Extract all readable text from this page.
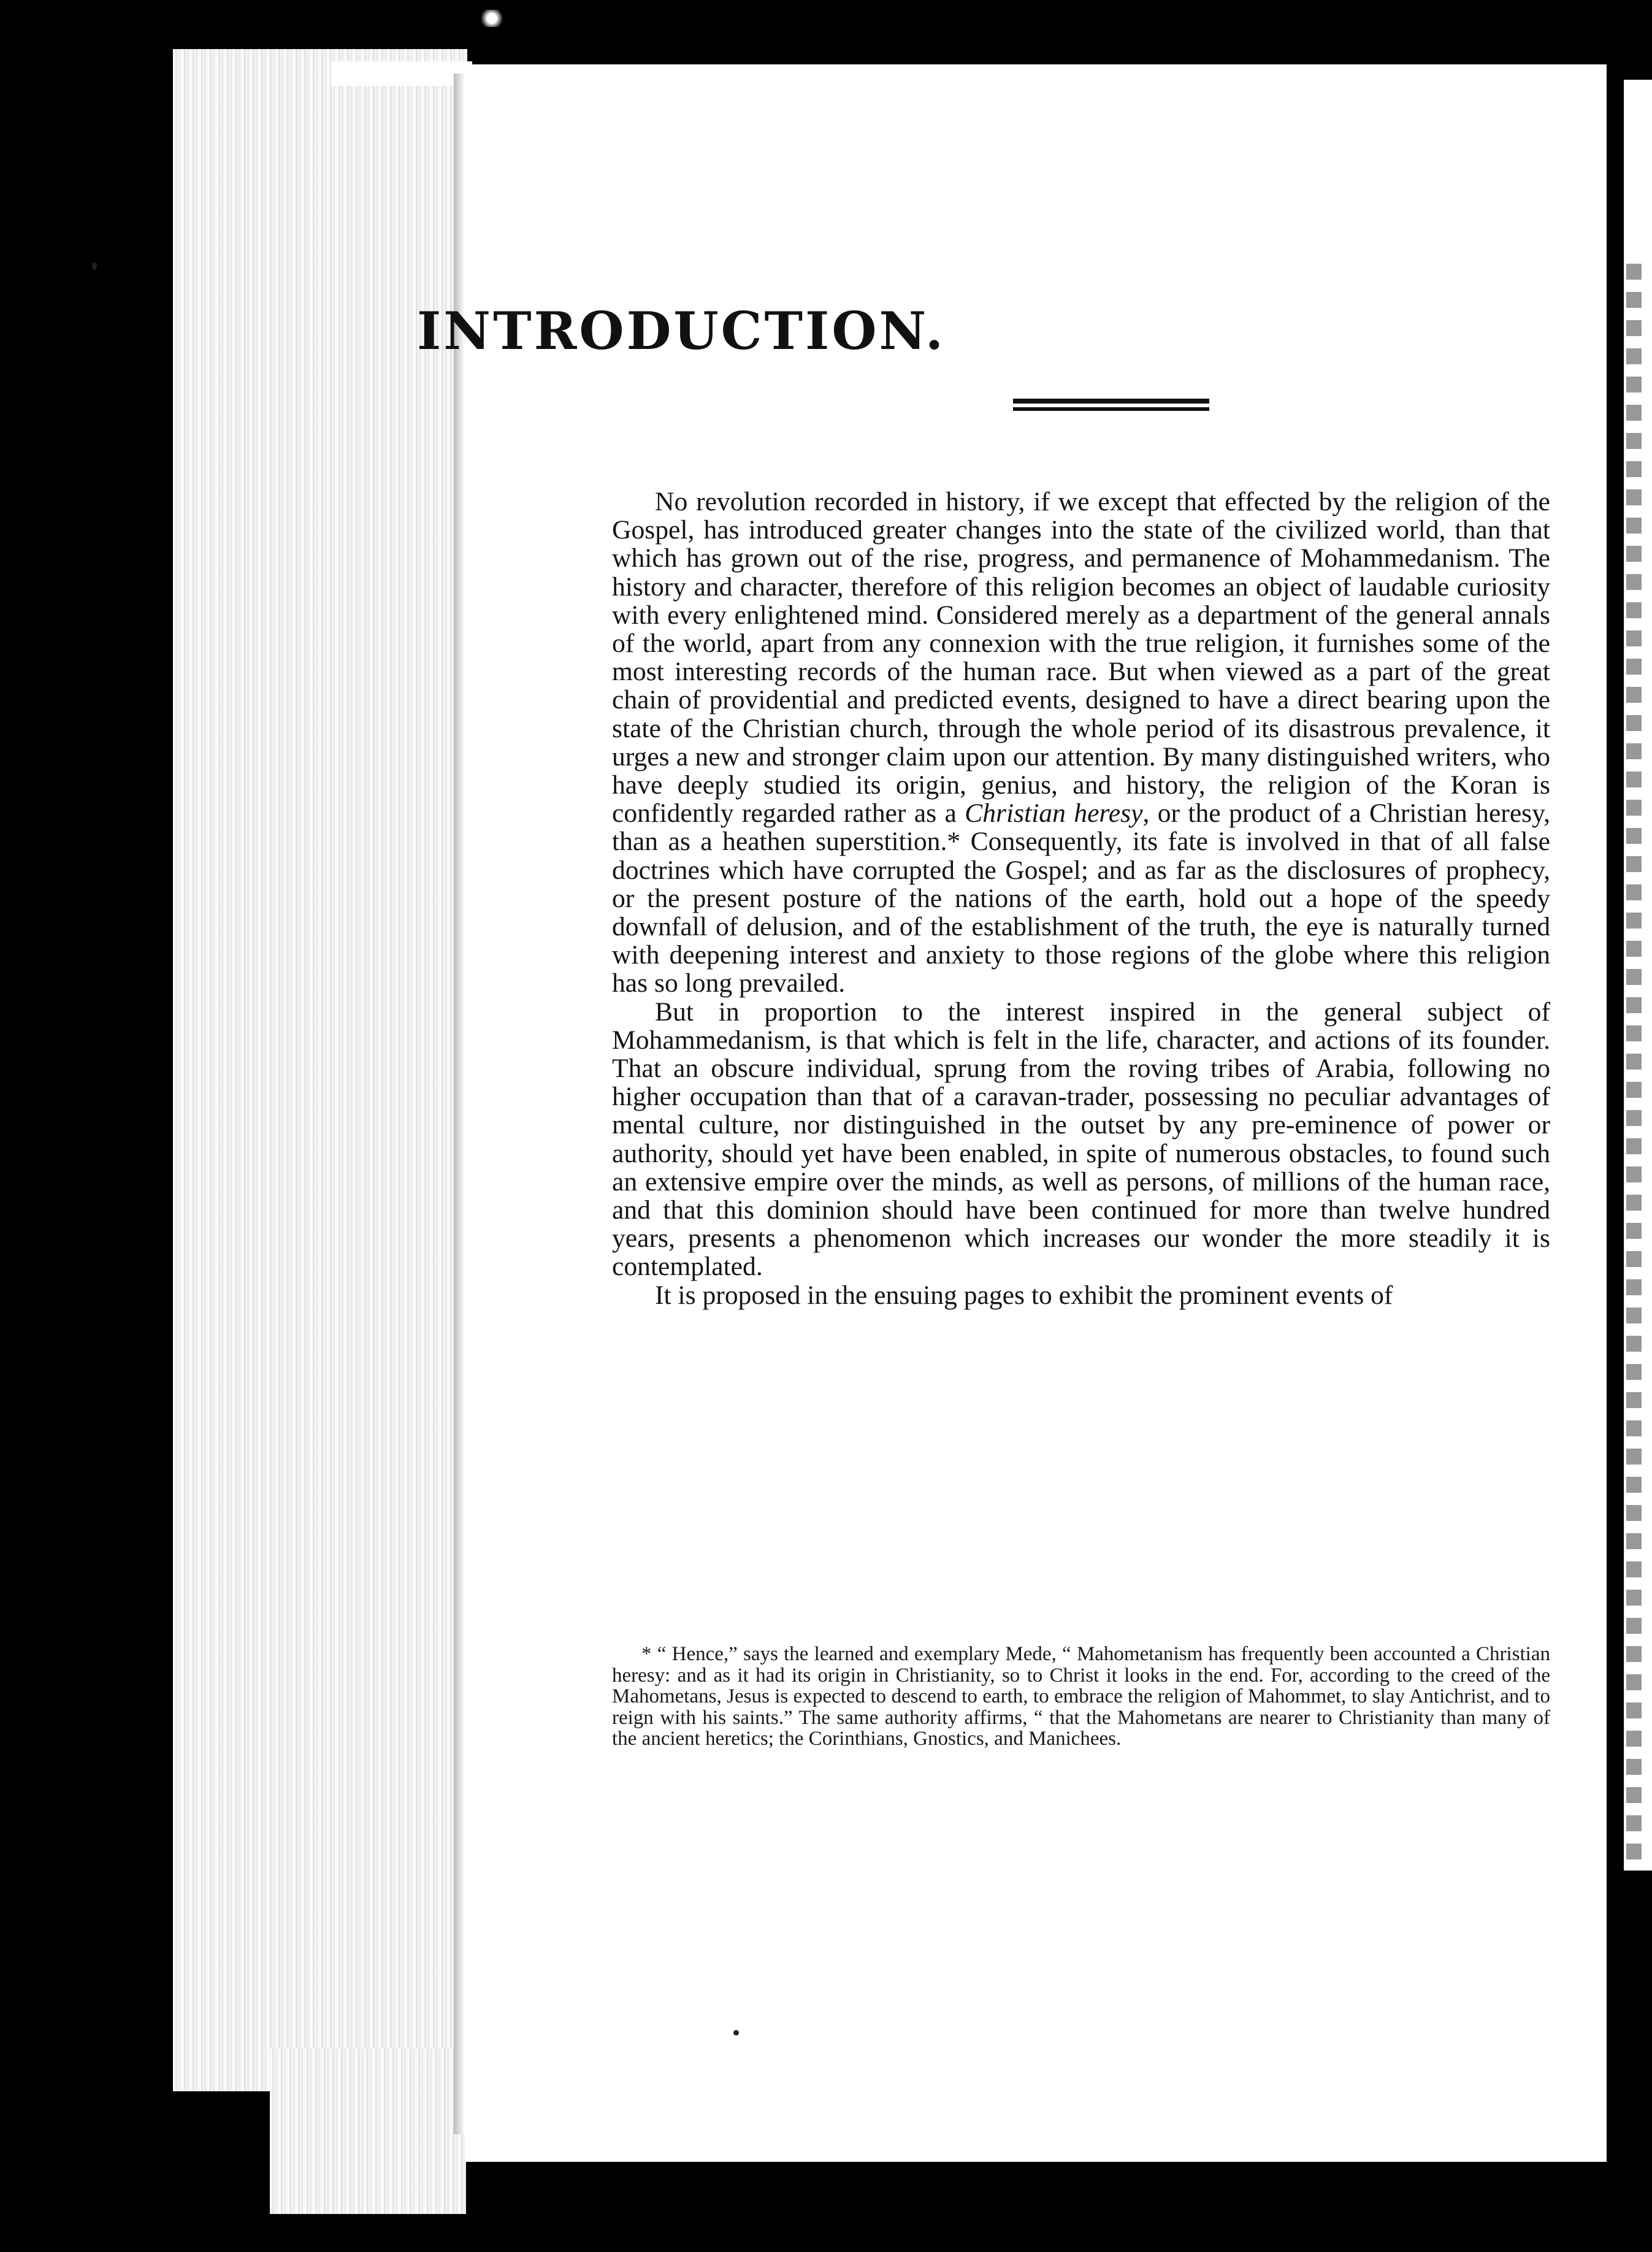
INTRODUCTION.

No revolution recorded in history, if we except that effected by the religion of the Gospel, has introduced greater changes into the state of the civilized world, than that which has grown out of the rise, progress, and permanence of Mohammedanism. The history and character, therefore of this religion becomes an object of laudable curiosity with every enlightened mind. Considered merely as a department of the general annals of the world, apart from any connexion with the true religion, it furnishes some of the most interesting records of the human race. But when viewed as a part of the great chain of providential and predicted events, designed to have a direct bearing upon the state of the Christian church, through the whole period of its disastrous prevalence, it urges a new and stronger claim upon our attention. By many distinguished writers, who have deeply studied its origin, genius, and history, the religion of the Koran is confidently regarded rather as a Christian heresy, or the product of a Christian heresy, than as a heathen superstition.* Consequently, its fate is involved in that of all false doctrines which have corrupted the Gospel; and as far as the disclosures of prophecy, or the present posture of the nations of the earth, hold out a hope of the speedy downfall of delusion, and of the establishment of the truth, the eye is naturally turned with deepening interest and anxiety to those regions of the globe where this religion has so long prevailed.

But in proportion to the interest inspired in the general subject of Mohammedanism, is that which is felt in the life, character, and actions of its founder. That an obscure individual, sprung from the roving tribes of Arabia, following no higher occupation than that of a caravan-trader, possessing no peculiar advantages of mental culture, nor distinguished in the outset by any pre-eminence of power or authority, should yet have been enabled, in spite of numerous obstacles, to found such an extensive empire over the minds, as well as persons, of millions of the human race, and that this dominion should have been continued for more than twelve hundred years, presents a phenomenon which increases our wonder the more steadily it is contemplated.

It is proposed in the ensuing pages to exhibit the prominent events of

* “ Hence,” says the learned and exemplary Mede, “ Mahometanism has frequently been accounted a Christian heresy: and as it had its origin in Christianity, so to Christ it looks in the end. For, according to the creed of the Mahometans, Jesus is expected to descend to earth, to embrace the religion of Mahommet, to slay Antichrist, and to reign with his saints.” The same authority affirms, “ that the Mahometans are nearer to Christianity than many of the ancient heretics; the Corinthians, Gnostics, and Manichees.
